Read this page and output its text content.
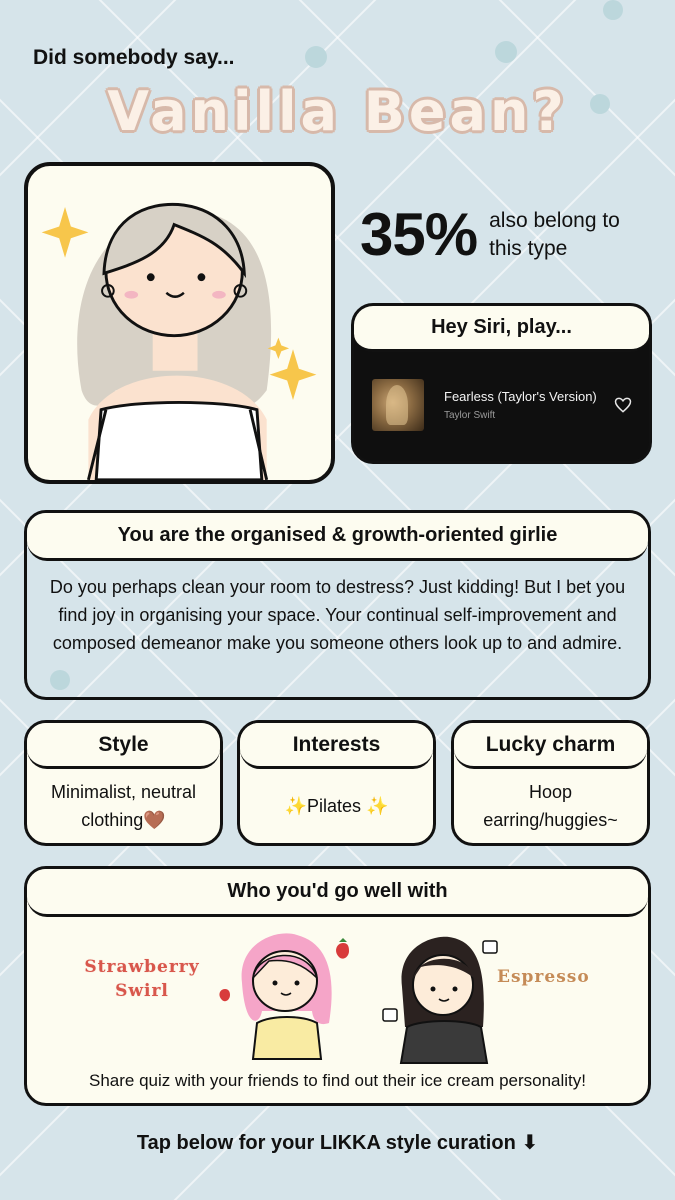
Did somebody say...
Vanilla Bean?
35% also belong to this type
Hey Siri, play...
Fearless (Taylor's Version)
Taylor Swift
You are the organised & growth-oriented girlie
Do you perhaps clean your room to destress? Just kidding! But I bet you find joy in organising your space. Your continual self-improvement and composed demeanor make you someone others look up to and admire.
Style
Minimalist, neutral clothing🤎
Interests
✨Pilates ✨
Lucky charm
Hoop earring/huggies~
Who you'd go well with
Strawberry Swirl
Espresso
Share quiz with your friends to find out their ice cream personality!
Tap below for your LIKKA style curation ⬇
